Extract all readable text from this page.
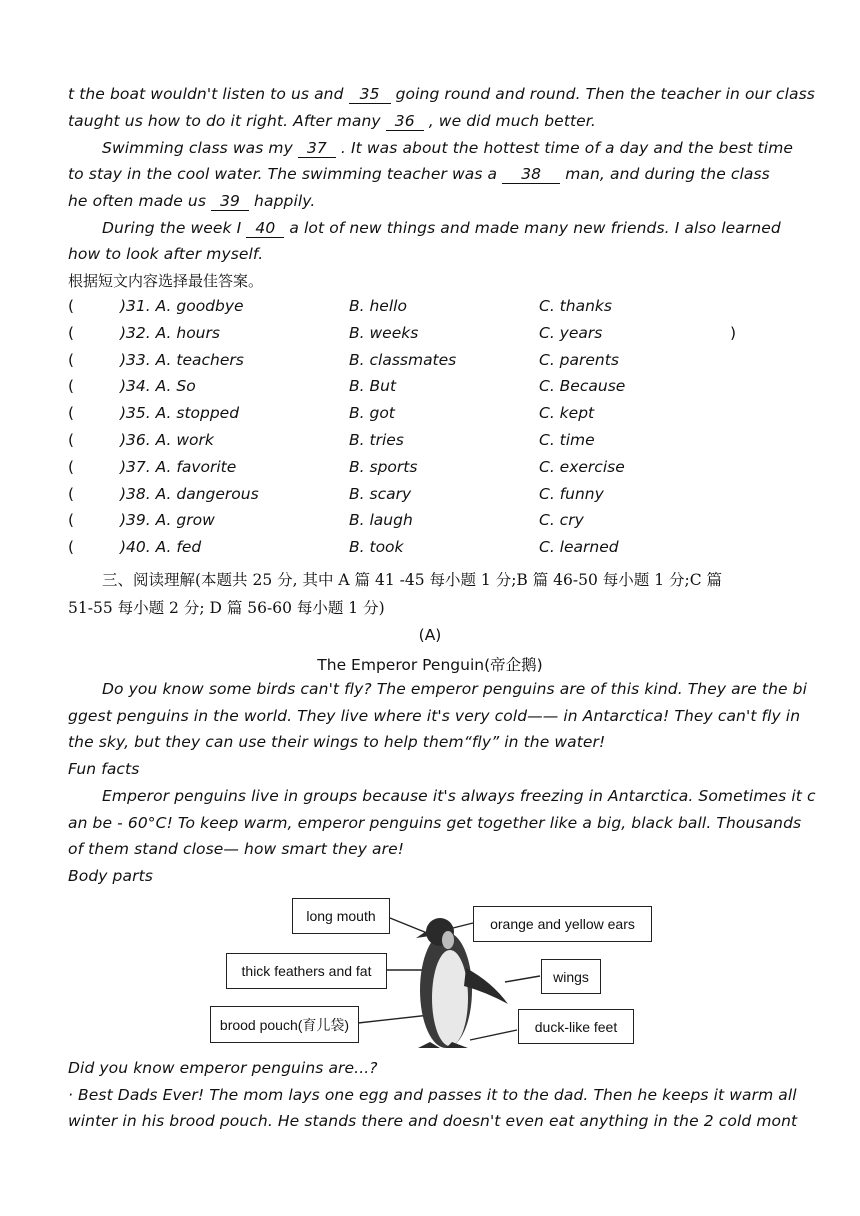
t the boat wouldn't listen to us and 35 going round and round. Then the teacher in our class
taught us how to do it right. After many 36 , we did much better.
Swimming class was my 37 . It was about the hottest time of a day and the best time
to stay in the cool water. The swimming teacher was a 38 man, and during the class
he often made us 39 happily.
During the week I 40 a lot of new things and made many new friends. I also learned
how to look after myself.
根据短文内容选择最佳答案。
(	)31. A. goodbye	B. hello	C. thanks
(	)32. A. hours	B. weeks	C. years
(	)33. A. teachers	B. classmates	C. parents
(	)34. A. So	B. But	C. Because
(	)35. A. stopped	B. got	C. kept
(	)36. A. work	B. tries	C. time
(	)37. A. favorite	B. sports	C. exercise
(	)38. A. dangerous	B. scary	C. funny
(	)39. A. grow	B. laugh	C. cry
(	)40. A. fed	B. took	C. learned
)
三、阅读理解(本题共 25 分, 其中 A 篇 41 -45 每小题 1 分;B 篇 46-50 每小题 1 分;C 篇
51-55 每小题 2 分; D 篇 56-60 每小题 1 分)
(A)
The Emperor Penguin(帝企鹅)
Do you know some birds can't fly? The emperor penguins are of this kind. They are the bi
ggest penguins in the world. They live where it's very cold—— in Antarctica! They can't fly in
the sky, but they can use their wings to help them“fly” in the water!
Fun facts
Emperor penguins live in groups because it's always freezing in Antarctica. Sometimes it c
an be - 60°C! To keep warm, emperor penguins get together like a big, black ball. Thousands
of them stand close— how smart they are!
Body parts
long mouth	orange and yellow ears
thick feathers and fat	wings
brood pouch(育儿袋)	duck-like feet
Did you know emperor penguins are...?
· Best Dads Ever! The mom lays one egg and passes it to the dad. Then he keeps it warm all
winter in his brood pouch. He stands there and doesn't even eat anything in the 2 cold mont
